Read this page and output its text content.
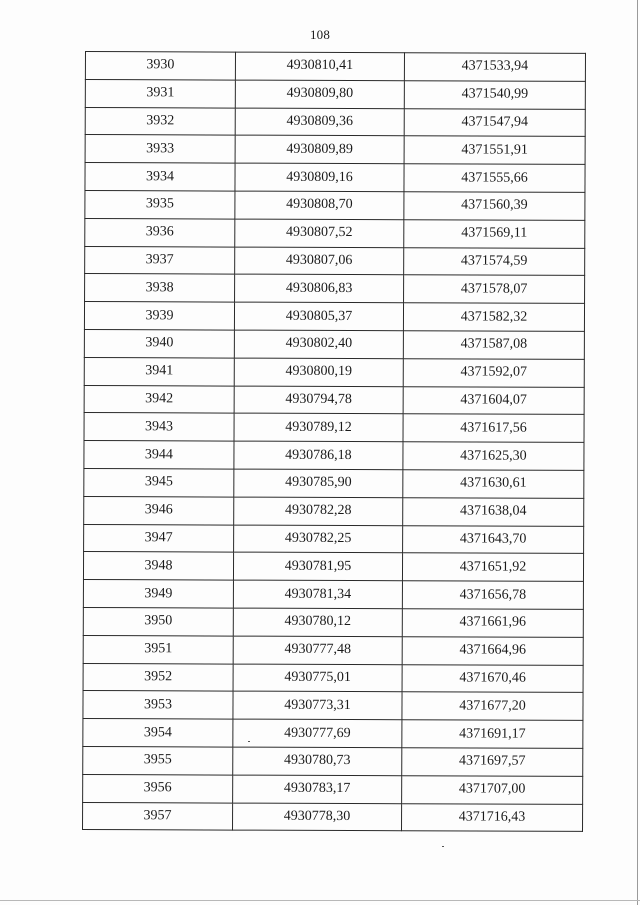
108
3930	4930810,41	4371533,94
3931	4930809,80	4371540,99
3932	4930809,36	4371547,94
3933	4930809,89	4371551,91
3934	4930809,16	4371555,66
3935	4930808,70	4371560,39
3936	4930807,52	4371569,11
3937	4930807,06	4371574,59
3938	4930806,83	4371578,07
3939	4930805,37	4371582,32
3940	4930802,40	4371587,08
3941	4930800,19	4371592,07
3942	4930794,78	4371604,07
3943	4930789,12	4371617,56
3944	4930786,18	4371625,30
3945	4930785,90	4371630,61
3946	4930782,28	4371638,04
3947	4930782,25	4371643,70
3948	4930781,95	4371651,92
3949	4930781,34	4371656,78
3950	4930780,12	4371661,96
3951	4930777,48	4371664,96
3952	4930775,01	4371670,46
3953	4930773,31	4371677,20
3954	4930777,69	4371691,17
3955	4930780,73	4371697,57
3956	4930783,17	4371707,00
3957	4930778,30	4371716,43
